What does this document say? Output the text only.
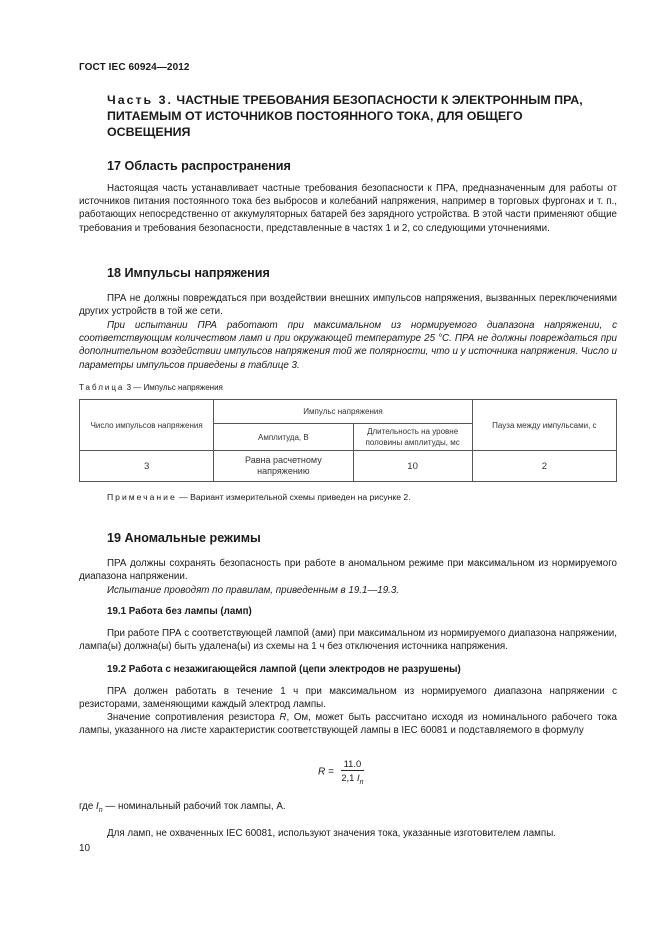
ГОСТ IEC 60924—2012
Часть 3. ЧАСТНЫЕ ТРЕБОВАНИЯ БЕЗОПАСНОСТИ К ЭЛЕКТРОННЫМ ПРА, ПИТАЕМЫМ ОТ ИСТОЧНИКОВ ПОСТОЯННОГО ТОКА, ДЛЯ ОБЩЕГО ОСВЕЩЕНИЯ
17 Область распространения
Настоящая часть устанавливает частные требования безопасности к ПРА, предназначенным для работы от источников питания постоянного тока без выбросов и колебаний напряжения, например в торговых фургонах и т. п., работающих непосредственно от аккумуляторных батарей без зарядного устройства. В этой части применяют общие требования и требования безопасности, представленные в частях 1 и 2, со следующими уточнениями.
18 Импульсы напряжения
ПРА не должны повреждаться при воздействии внешних импульсов напряжения, вызванных переключениями других устройств в той же сети.
При испытании ПРА работают при максимальном из нормируемого диапазона напряжении, с соответствующим количеством ламп и при окружающей температуре 25 °С. ПРА не должны повреждаться при дополнительном воздействии импульсов напряжения той же полярности, что и у источника напряжения. Число и параметры импульсов приведены в таблице 3.
Таблица 3 — Импульс напряжения
Число импульсов напряжения	Импульс напряжения		Пауза между импульсами, с
	Амплитуда, В	Длительность на уровне половины амплитуды, мс	
3	Равна расчетному напряжению	10	2
Примечание — Вариант измерительной схемы приведен на рисунке 2.
19 Аномальные режимы
ПРА должны сохранять безопасность при работе в аномальном режиме при максимальном из нормируемого диапазона напряжении.
Испытание проводят по правилам, приведенным в 19.1—19.3.
19.1 Работа без лампы (ламп)
При работе ПРА с соответствующей лампой (ами) при максимальном из нормируемого диапазона напряжении, лампа(ы) должна(ы) быть удалена(ы) из схемы на 1 ч без отключения источника напряжения.
19.2 Работа с незажигающейся лампой (цепи электродов не разрушены)
ПРА должен работать в течение 1 ч при максимальном из нормируемого диапазона напряжении с резисторами, заменяющими каждый электрод лампы.
Значение сопротивления резистора R, Ом, может быть рассчитано исходя из номинального рабочего тока лампы, указанного на листе характеристик соответствующей лампы в IEC 60081 и подставляемого в формулу
$R = \frac{11.0}{2,1 I_n}$
где $I_n$ — номинальный рабочий ток лампы, А.
Для ламп, не охваченных IEC 60081, используют значения тока, указанные изготовителем лампы.
10
